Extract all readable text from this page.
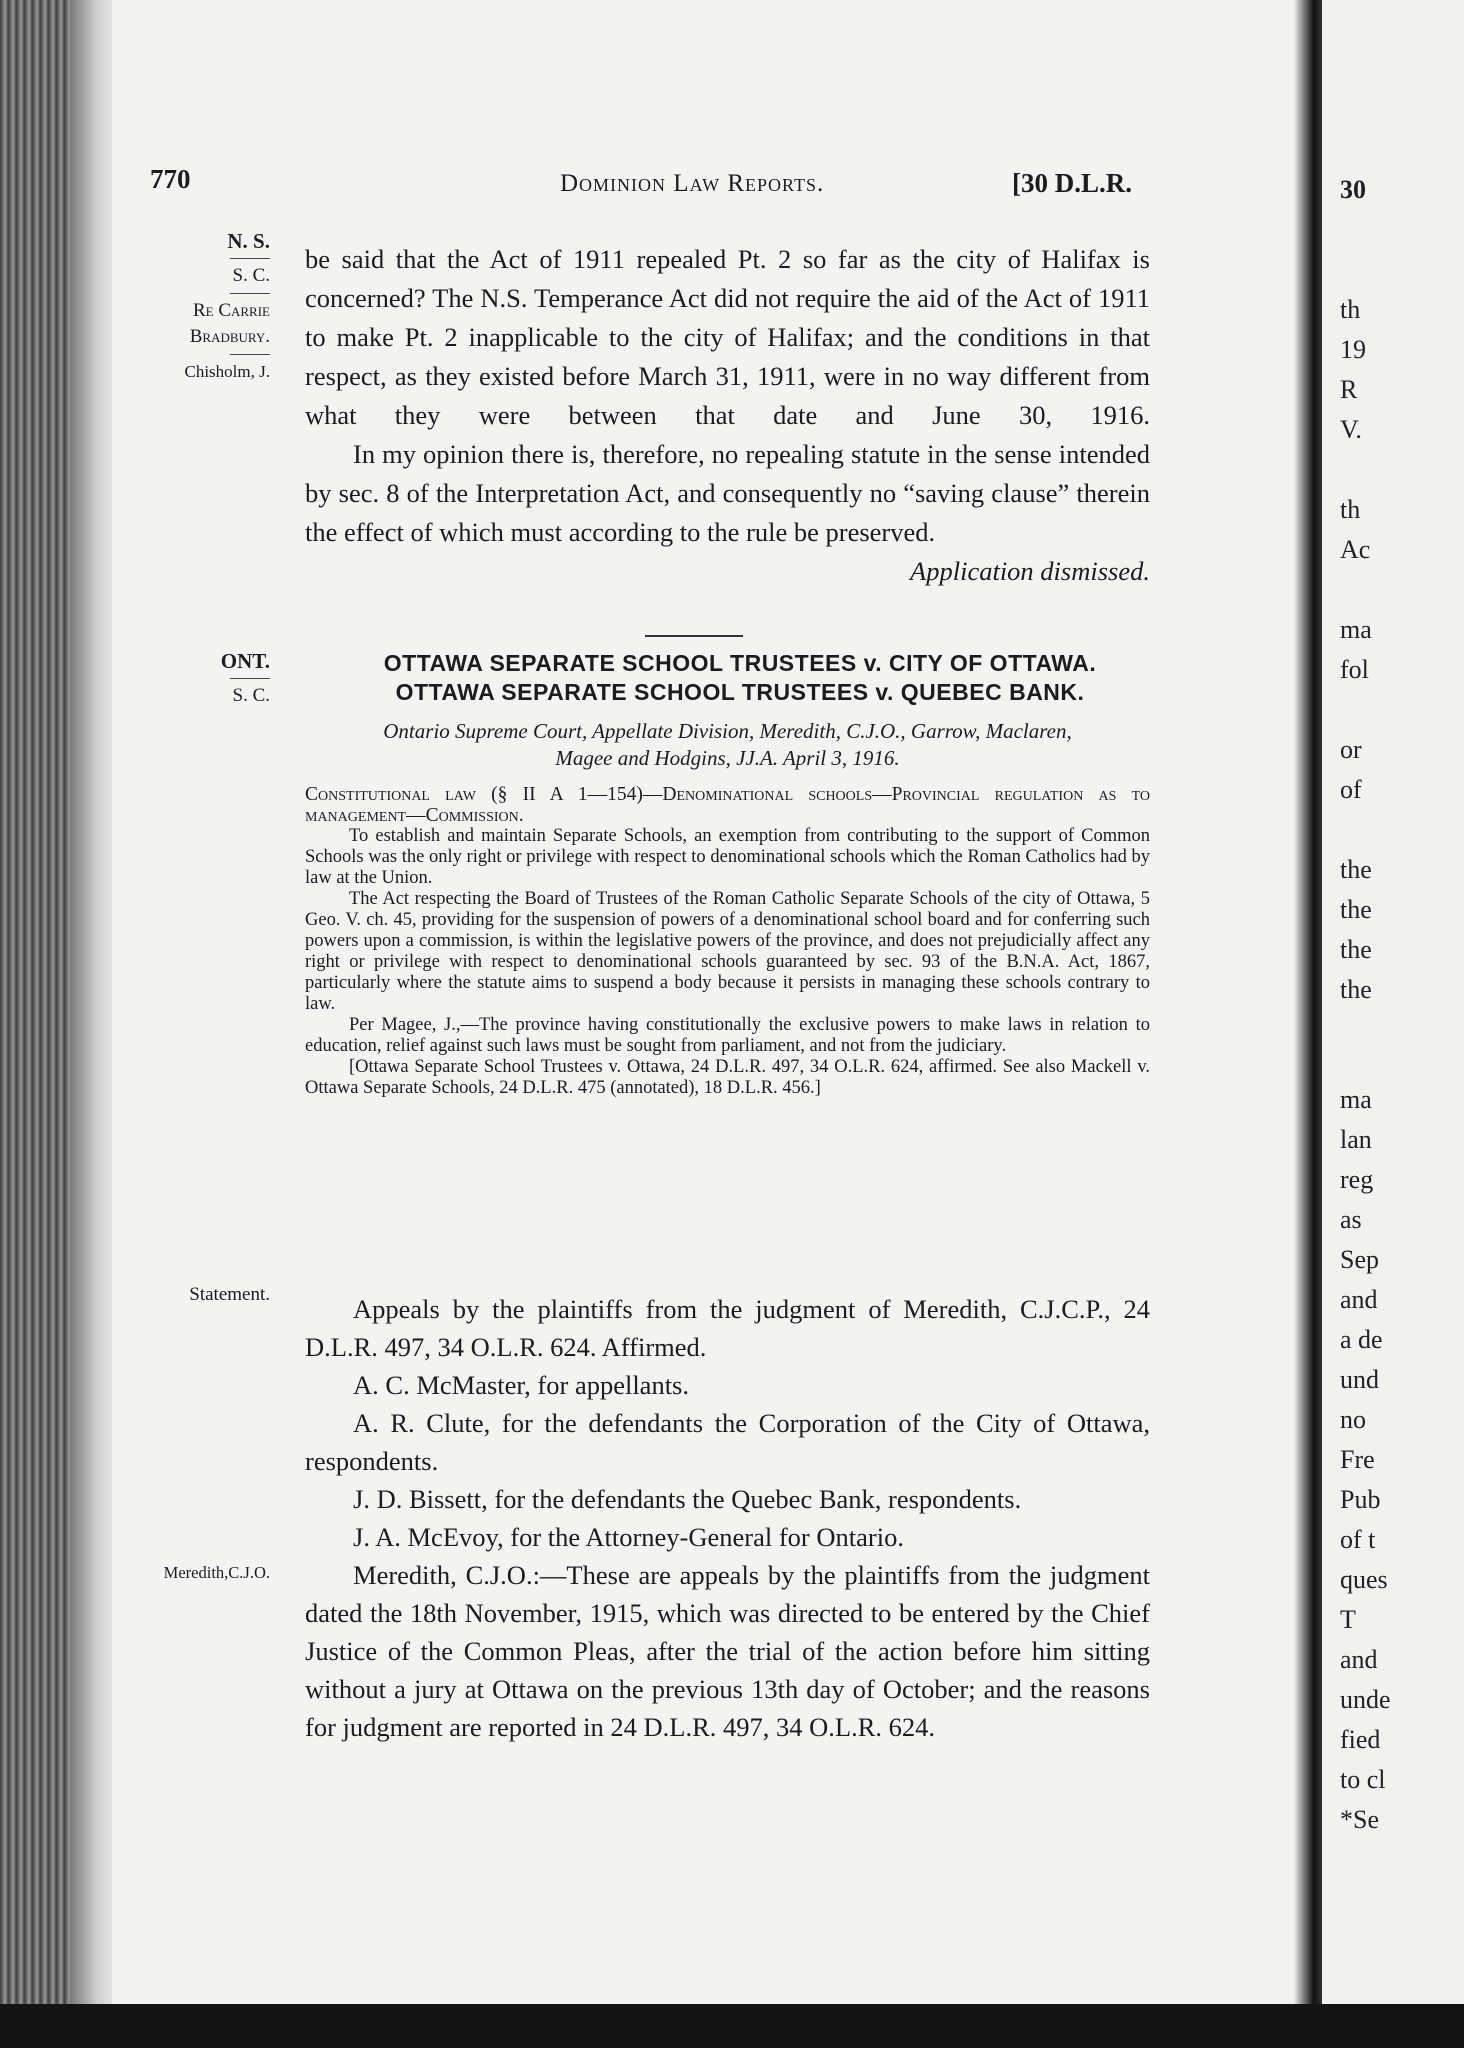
30
th
19
R
V.
th
Ac
ma
fol
or
of
the
the
the
the
ma
lan
reg
as
Sep
and
a de
und
no
Fre
Pub
of t
ques
T
and
unde
fied
to cl
*Se
770	Dominion Law Reports.	[30 D.L.R.
N. S.
S. C.
Re Carrie
Bradbury.
Chisholm, J.
ONT.
S. C.
Statement.
Meredith,C.J.O.

be said that the Act of 1911 repealed Pt. 2 so far as the city of Halifax is concerned? The N.S. Temperance Act did not require the aid of the Act of 1911 to make Pt. 2 inapplicable to the city of Halifax; and the conditions in that respect, as they existed before March 31, 1911, were in no way different from what they were between that date and June 30, 1916.

In my opinion there is, therefore, no repealing statute in the sense intended by sec. 8 of the Interpretation Act, and consequently no “saving clause” therein the effect of which must according to the rule be preserved.
Application dismissed.

OTTAWA SEPARATE SCHOOL TRUSTEES v. CITY OF OTTAWA.
OTTAWA SEPARATE SCHOOL TRUSTEES v. QUEBEC BANK.
Ontario Supreme Court, Appellate Division, Meredith, C.J.O., Garrow, Maclaren,
Magee and Hodgins, JJ.A. April 3, 1916.

Constitutional law (§ II A 1—154)—Denominational schools—Provincial regulation as to management—Commission.

To establish and maintain Separate Schools, an exemption from contributing to the support of Common Schools was the only right or privilege with respect to denominational schools which the Roman Catholics had by law at the Union.

The Act respecting the Board of Trustees of the Roman Catholic Separate Schools of the city of Ottawa, 5 Geo. V. ch. 45, providing for the suspension of powers of a denominational school board and for conferring such powers upon a commission, is within the legislative powers of the province, and does not prejudicially affect any right or privilege with respect to denominational schools guaranteed by sec. 93 of the B.N.A. Act, 1867, particularly where the statute aims to suspend a body because it persists in managing these schools contrary to law.

Per Magee, J.,—The province having constitutionally the exclusive powers to make laws in relation to education, relief against such laws must be sought from parliament, and not from the judiciary.

[Ottawa Separate School Trustees v. Ottawa, 24 D.L.R. 497, 34 O.L.R. 624, affirmed. See also Mackell v. Ottawa Separate Schools, 24 D.L.R. 475 (annotated), 18 D.L.R. 456.]

Appeals by the plaintiffs from the judgment of Meredith, C.J.C.P., 24 D.L.R. 497, 34 O.L.R. 624. Affirmed.

A. C. McMaster, for appellants.

A. R. Clute, for the defendants the Corporation of the City of Ottawa, respondents.

J. D. Bissett, for the defendants the Quebec Bank, respondents.

J. A. McEvoy, for the Attorney-General for Ontario.

Meredith, C.J.O.:—These are appeals by the plaintiffs from the judgment dated the 18th November, 1915, which was directed to be entered by the Chief Justice of the Common Pleas, after the trial of the action before him sitting without a jury at Ottawa on the previous 13th day of October; and the reasons for judgment are reported in 24 D.L.R. 497, 34 O.L.R. 624.
